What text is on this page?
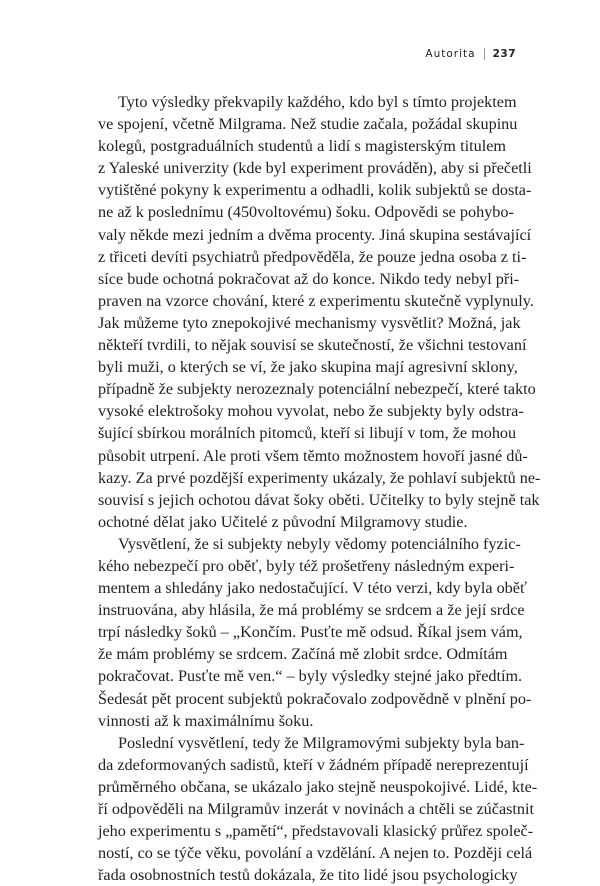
Autorita 237
Tyto výsledky překvapily každého, kdo byl s tímto projektem
ve spojení, včetně Milgrama. Než studie začala, požádal skupinu
kolegů, postgraduálních studentů a lidí s magisterským titulem
z Yaleské univerzity (kde byl experiment prováděn), aby si přečetli
vytištěné pokyny k experimentu a odhadli, kolik subjektů se dosta-
ne až k poslednímu (450voltovému) šoku. Odpovědi se pohybo-
valy někde mezi jedním a dvěma procenty. Jiná skupina sestávající
z třiceti devíti psychiatrů předpověděla, že pouze jedna osoba z ti-
síce bude ochotná pokračovat až do konce. Nikdo tedy nebyl při-
praven na vzorce chování, které z experimentu skutečně vyplynuly.
Jak můžeme tyto znepokojivé mechanismy vysvětlit? Možná, jak
někteří tvrdili, to nějak souvisí se skutečností, že všichni testovaní
byli muži, o kterých se ví, že jako skupina mají agresivní sklony,
případně že subjekty nerozeznaly potenciální nebezpečí, které takto
vysoké elektrošoky mohou vyvolat, nebo že subjekty byly odstra-
šující sbírkou morálních pitomců, kteří si libují v tom, že mohou
působit utrpení. Ale proti všem těmto možnostem hovoří jasné dů-
kazy. Za prvé pozdější experimenty ukázaly, že pohlaví subjektů ne-
souvisí s jejich ochotou dávat šoky oběti. Učitelky to byly stejně tak
ochotné dělat jako Učitelé z původní Milgramovy studie.
Vysvětlení, že si subjekty nebyly vědomy potenciálního fyzic-
kého nebezpečí pro oběť, byly též prošetřeny následným experi-
mentem a shledány jako nedostačující. V této verzi, kdy byla oběť
instruována, aby hlásila, že má problémy se srdcem a že její srdce
trpí následky šoků – „Končím. Pusťte mě odsud. Říkal jsem vám,
že mám problémy se srdcem. Začíná mě zlobit srdce. Odmítám
pokračovat. Pusťte mě ven.“ – byly výsledky stejné jako předtím.
Šedesát pět procent subjektů pokračovalo zodpovědně v plnění po-
vinnosti až k maximálnímu šoku.
Poslední vysvětlení, tedy že Milgramovými subjekty byla ban-
da zdeformovaných sadistů, kteří v žádném případě nereprezentují
průměrného občana, se ukázalo jako stejně neuspokojivé. Lidé, kte-
ří odpověděli na Milgramův inzerát v novinách a chtěli se zúčastnit
jeho experimentu s „pamětí“, představovali klasický průřez společ-
ností, co se týče věku, povolání a vzdělání. A nejen to. Později celá
řada osobnostních testů dokázala, že tito lidé jsou psychologicky
